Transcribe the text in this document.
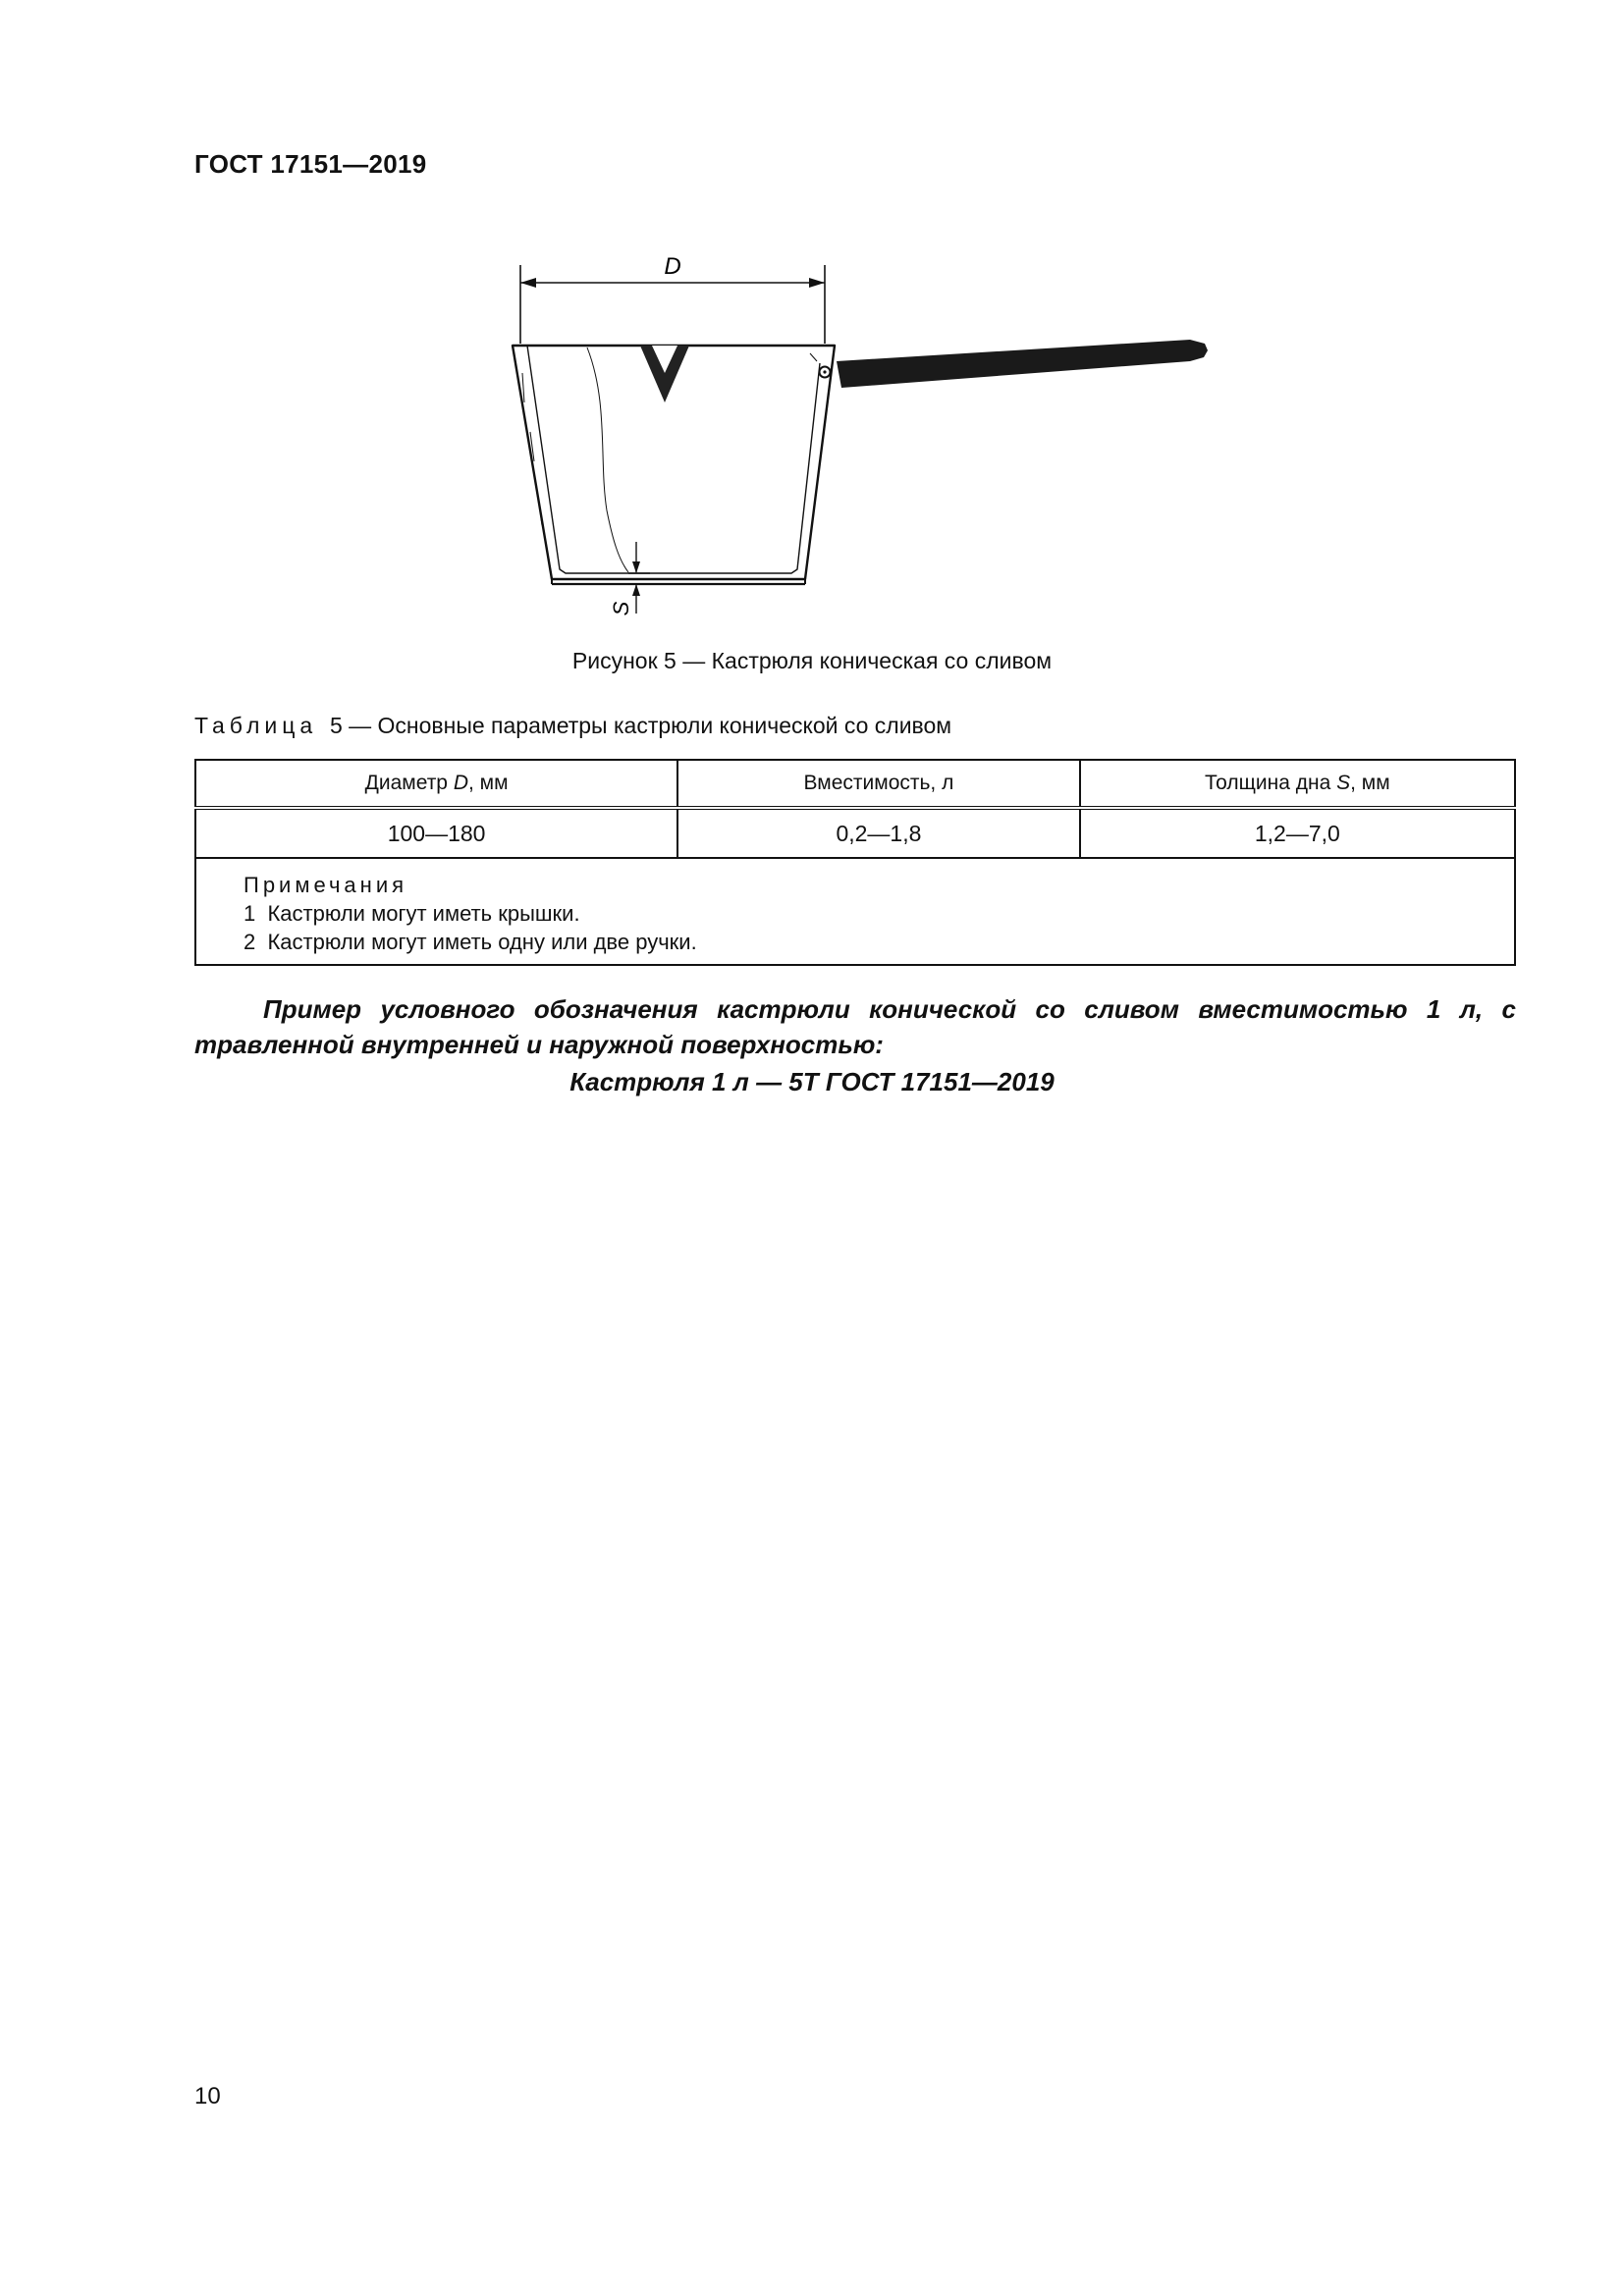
ГОСТ 17151—2019
D
S
Рисунок 5 — Кастрюля коническая со сливом
Таблица 5 — Основные параметры кастрюли конической со сливом
Диаметр D, мм	Вместимость, л	Толщина дна S, мм
100—180	0,2—1,8	1,2—7,0

Примечания
1  Кастрюли могут иметь крышки.
2  Кастрюли могут иметь одну или две ручки.		
Пример условного обозначения кастрюли конической со сливом вместимостью 1 л, с травленной внутренней и наружной поверхностью:
Кастрюля 1 л — 5Т ГОСТ 17151—2019
10
